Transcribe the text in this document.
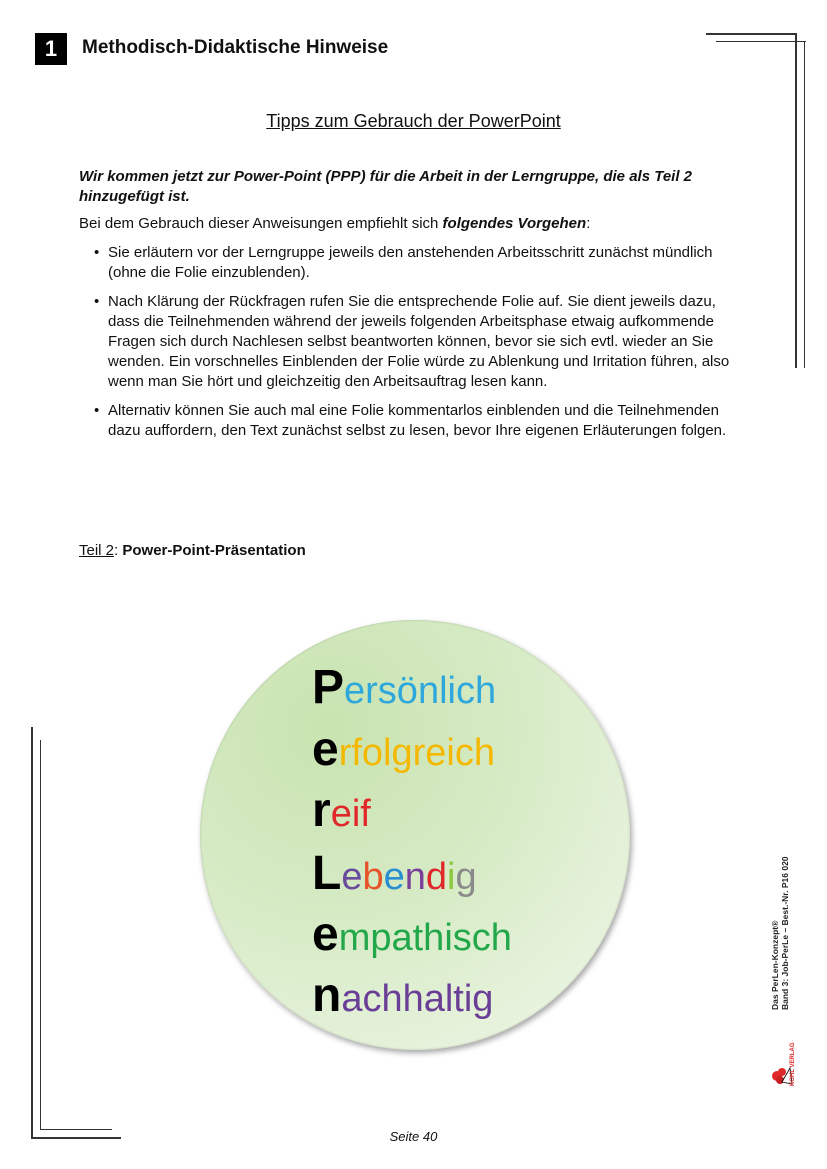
1	Methodisch-Didaktische Hinweise
Tipps zum Gebrauch der PowerPoint
Wir kommen jetzt zur Power-Point (PPP) für die Arbeit in der Lerngruppe, die als Teil 2 hinzugefügt ist.
Bei dem Gebrauch dieser Anweisungen empfiehlt sich folgendes Vorgehen:
• Sie erläutern vor der Lerngruppe jeweils den anstehenden Arbeitsschritt zunächst mündlich (ohne die Folie einzublenden).
• Nach Klärung der Rückfragen rufen Sie die entsprechende Folie auf. Sie dient jeweils dazu, dass die Teilnehmenden während der jeweils folgenden Arbeitsphase etwaig aufkommende Fragen sich durch Nachlesen selbst beantworten können, bevor sie sich evtl. wieder an Sie wenden. Ein vorschnelles Einblenden der Folie würde zu Ablenkung und Irritation führen, also wenn man Sie hört und gleichzeitig den Arbeitsauftrag lesen kann.
• Alternativ können Sie auch mal eine Folie kommentarlos einblenden und die Teilnehmenden dazu auffordern, den Text zunächst selbst zu lesen, bevor Ihre eigenen Erläuterungen folgen.
Teil 2: Power-Point-Präsentation
Persönlich
erfolgreich
reif
Lebendig
empathisch
nachhaltig	Das PerLen-Konzept® Band 3: Job-PerLe – Best.-Nr. P16 020
KOHL VERLAG
Seite 40
